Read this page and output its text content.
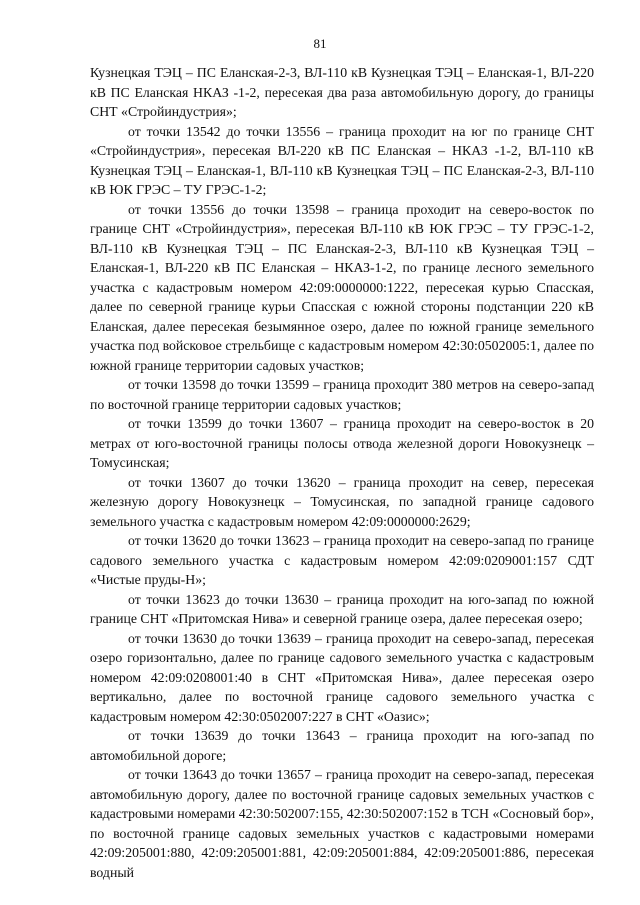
81

Кузнецкая ТЭЦ – ПС Еланская-2-3, ВЛ-110 кВ Кузнецкая ТЭЦ – Еланская-1, ВЛ-220 кВ ПС Еланская НКАЗ -1-2, пересекая два раза автомобильную дорогу, до границы СНТ «Стройиндустрия»;

от точки 13542 до точки 13556 – граница проходит на юг по границе СНТ «Стройиндустрия», пересекая ВЛ-220 кВ ПС Еланская – НКАЗ -1-2, ВЛ-110 кВ Кузнецкая ТЭЦ – Еланская-1, ВЛ-110 кВ Кузнецкая ТЭЦ – ПС Еланская-2-3, ВЛ-110 кВ ЮК ГРЭС – ТУ ГРЭС-1-2;

от точки 13556 до точки 13598 – граница проходит на северо-восток по границе СНТ «Стройиндустрия», пересекая ВЛ-110 кВ ЮК ГРЭС – ТУ ГРЭС-1-2, ВЛ-110 кВ Кузнецкая ТЭЦ – ПС Еланская-2-3, ВЛ-110 кВ Кузнецкая ТЭЦ – Еланская-1, ВЛ-220 кВ ПС Еланская – НКАЗ-1-2, по границе лесного земельного участка с кадастровым номером 42:09:0000000:1222, пересекая курью Спасская, далее по северной границе курьи Спасская с южной стороны подстанции 220 кВ Еланская, далее пересекая безымянное озеро, далее по южной границе земельного участка под войсковое стрельбище с кадастровым номером 42:30:0502005:1, далее по южной границе территории садовых участков;

от точки 13598 до точки 13599 – граница проходит 380 метров на северо-запад по восточной границе территории садовых участков;

от точки 13599 до точки 13607 – граница проходит на северо-восток в 20 метрах от юго-восточной границы полосы отвода железной дороги Новокузнецк – Томусинская;

от точки 13607 до точки 13620 – граница проходит на север, пересекая железную дорогу Новокузнецк – Томусинская, по западной границе садового земельного участка с кадастровым номером 42:09:0000000:2629;

от точки 13620 до точки 13623 – граница проходит на северо-запад по границе садового земельного участка с кадастровым номером 42:09:0209001:157 СДТ «Чистые пруды-Н»;

от точки 13623 до точки 13630 – граница проходит на юго-запад по южной границе СНТ «Притомская Нива» и северной границе озера, далее пересекая озеро;

от точки 13630 до точки 13639 – граница проходит на северо-запад, пересекая озеро горизонтально, далее по границе садового земельного участка с кадастровым номером 42:09:0208001:40 в СНТ «Притомская Нива», далее пересекая озеро вертикально, далее по восточной границе садового земельного участка с кадастровым номером 42:30:0502007:227 в СНТ «Оазис»;

от точки 13639 до точки 13643 – граница проходит на юго-запад по автомобильной дороге;

от точки 13643 до точки 13657 – граница проходит на северо-запад, пересекая автомобильную дорогу, далее по восточной границе садовых земельных участков с кадастровыми номерами 42:30:502007:155, 42:30:502007:152 в ТСН «Сосновый бор», по восточной границе садовых земельных участков с кадастровыми номерами 42:09:205001:880, 42:09:205001:881, 42:09:205001:884, 42:09:205001:886, пересекая водный
